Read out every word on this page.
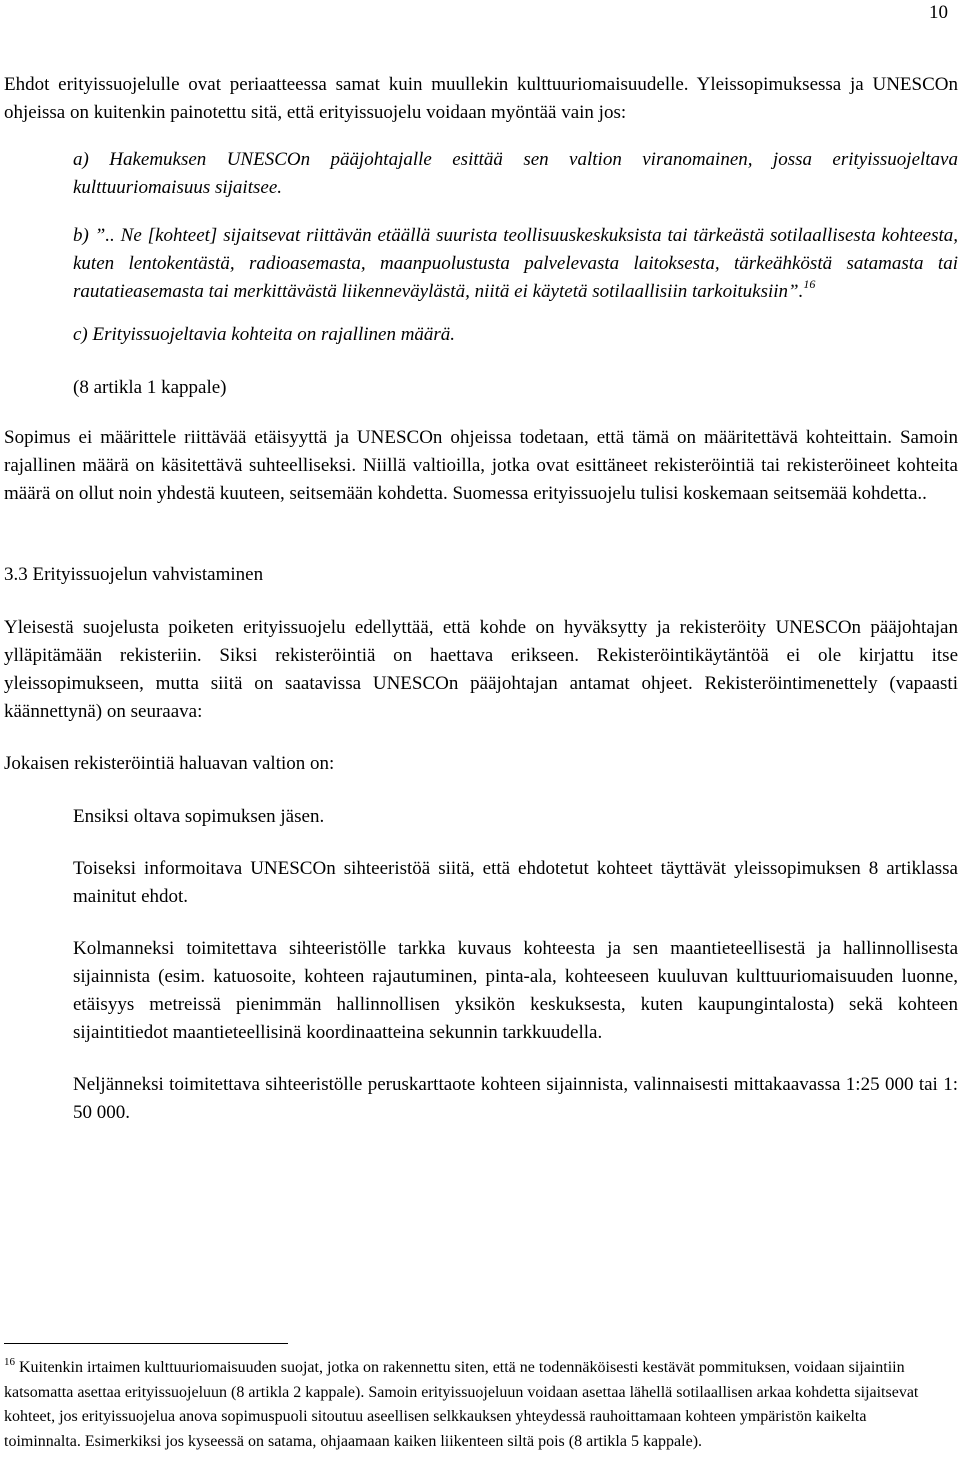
10

Ehdot erityissuojelulle ovat periaatteessa samat kuin muullekin kulttuuriomaisuudelle. Yleissopimuksessa ja UNESCOn ohjeissa on kuitenkin painotettu sitä, että erityissuojelu voidaan myöntää vain jos:

a) Hakemuksen UNESCOn pääjohtajalle esittää sen valtion viranomainen, jossa erityissuojeltava kulttuuriomaisuus sijaitsee.

b) ”.. Ne [kohteet] sijaitsevat riittävän etäällä suurista teollisuuskeskuksista tai tärkeästä sotilaallisesta kohteesta, kuten lentokentästä, radioasemasta, maanpuolustusta palvelevasta laitoksesta, tärkeähköstä satamasta tai rautatieasemasta tai merkittävästä liikenneväylästä, niitä ei käytetä sotilaallisiin tarkoituksiin”.$^{16}$

c) Erityissuojeltavia kohteita on rajallinen määrä.

(8 artikla 1 kappale)

Sopimus ei määrittele riittävää etäisyyttä ja UNESCOn ohjeissa todetaan, että tämä on määritettävä kohteittain. Samoin rajallinen määrä on käsitettävä suhteelliseksi. Niillä valtioilla, jotka ovat esittäneet rekisteröintiä tai rekisteröineet kohteita määrä on ollut noin yhdestä kuuteen, seitsemään kohdetta. Suomessa erityissuojelu tulisi koskemaan seitsemää kohdetta..

3.3 Erityissuojelun vahvistaminen

Yleisestä suojelusta poiketen erityissuojelu edellyttää, että kohde on hyväksytty ja rekisteröity UNESCOn pääjohtajan ylläpitämään rekisteriin. Siksi rekisteröintiä on haettava erikseen. Rekisteröintikäytäntöä ei ole kirjattu itse yleissopimukseen, mutta siitä on saatavissa UNESCOn pääjohtajan antamat ohjeet. Rekisteröintimenettely (vapaasti käännettynä) on seuraava:

Jokaisen rekisteröintiä haluavan valtion on:

Ensiksi oltava sopimuksen jäsen.

Toiseksi informoitava UNESCOn sihteeristöä siitä, että ehdotetut kohteet täyttävät yleissopimuksen 8 artiklassa mainitut ehdot.

Kolmanneksi toimitettava sihteeristölle tarkka kuvaus kohteesta ja sen maantieteellisestä ja hallinnollisesta sijainnista (esim. katuosoite, kohteen rajautuminen, pinta-ala, kohteeseen kuuluvan kulttuuriomaisuuden luonne, etäisyys metreissä pienimmän hallinnollisen yksikön keskuksesta, kuten kaupungintalosta) sekä kohteen sijaintitiedot maantieteellisinä koordinaatteina sekunnin tarkkuudella.

Neljänneksi toimitettava sihteeristölle peruskarttaote kohteen sijainnista, valinnaisesti mittakaavassa 1:25 000 tai 1: 50 000.

$^{16}$ Kuitenkin irtaimen kulttuuriomaisuuden suojat, jotka on rakennettu siten, että ne todennäköisesti kestävät pommituksen, voidaan sijaintiin katsomatta asettaa erityissuojeluun (8 artikla 2 kappale). Samoin erityissuojeluun voidaan asettaa lähellä sotilaallisen arkaa kohdetta sijaitsevat kohteet, jos erityissuojelua anova sopimuspuoli sitoutuu aseellisen selkkauksen yhteydessä rauhoittamaan kohteen ympäristön kaikelta toiminnalta. Esimerkiksi jos kyseessä on satama, ohjaamaan kaiken liikenteen siltä pois (8 artikla 5 kappale).
